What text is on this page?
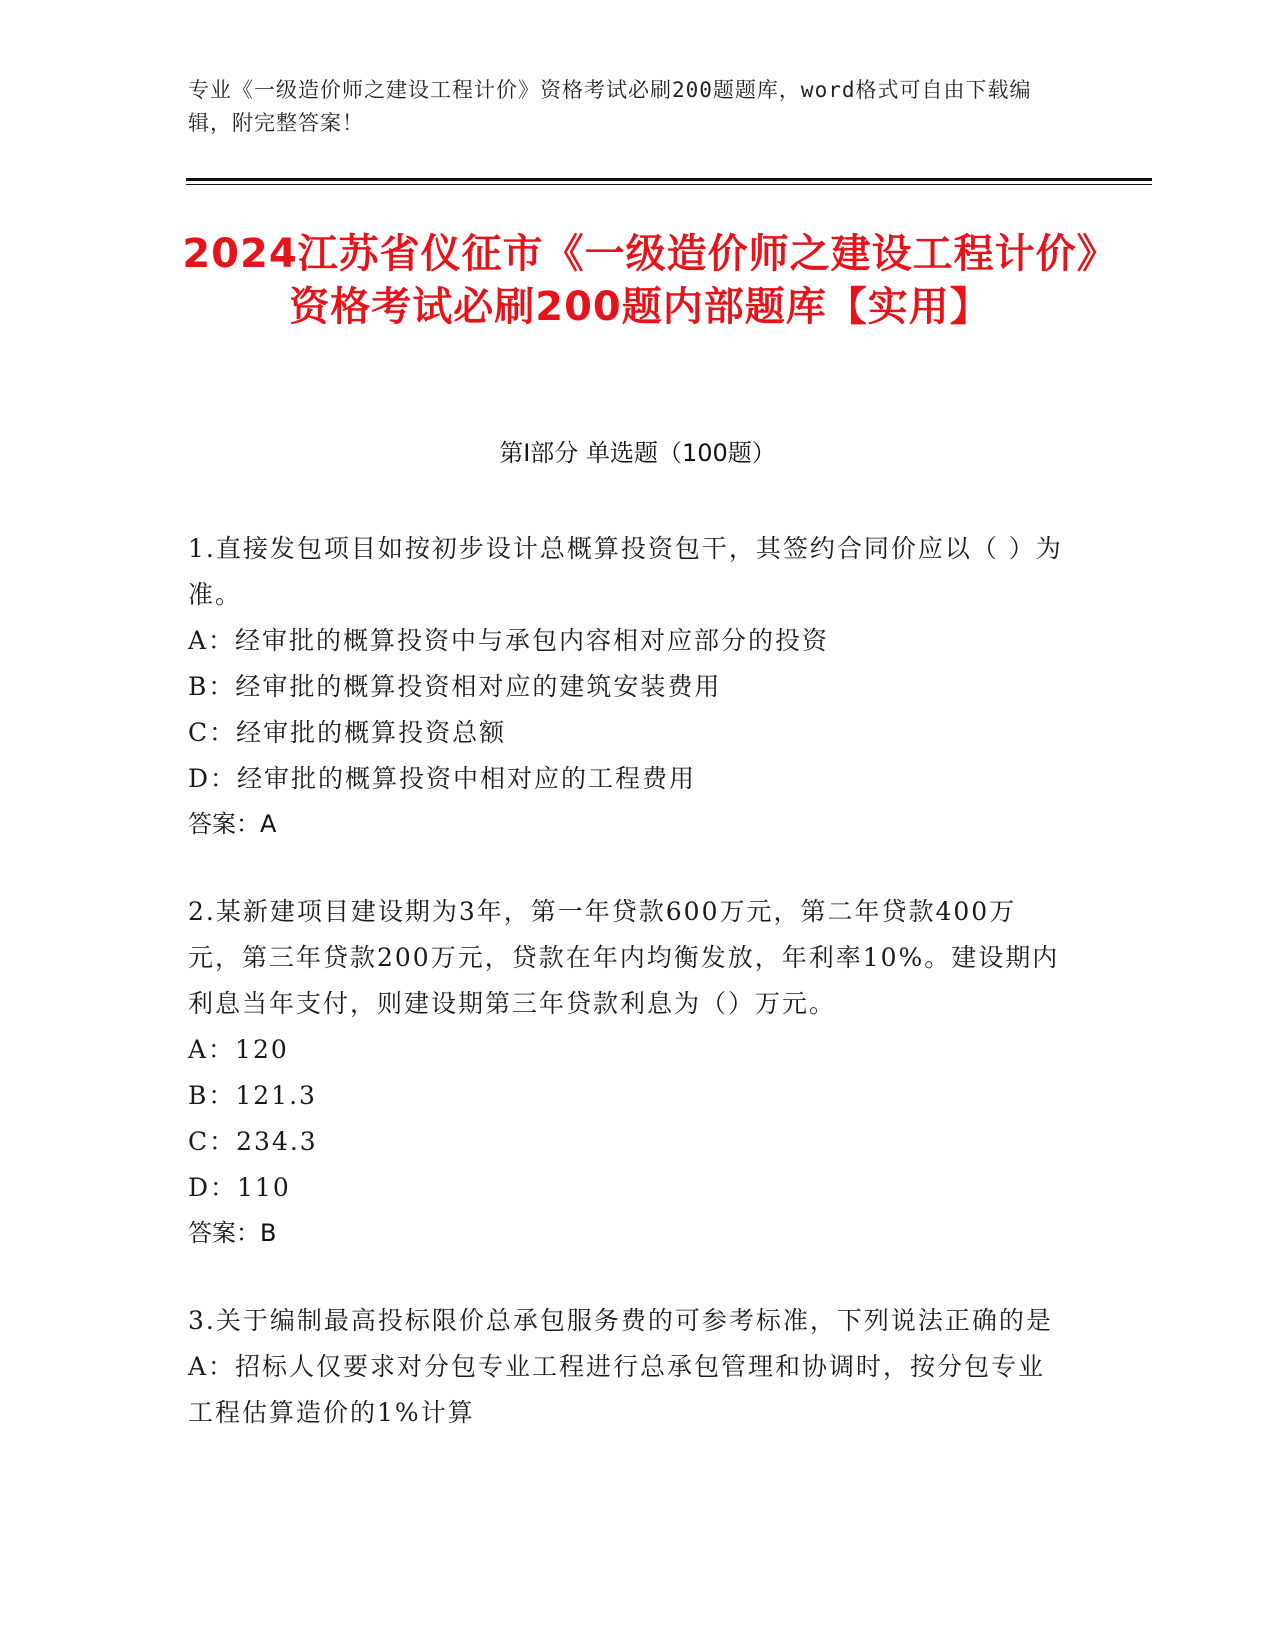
专业《一级造价师之建设工程计价》资格考试必刷200题题库，word格式可自由下载编辑，附完整答案！
2024江苏省仪征市《一级造价师之建设工程计价》资格考试必刷200题内部题库【实用】
第I部分 单选题（100题）

1.直接发包项目如按初步设计总概算投资包干，其签约合同价应以（ ）为准。

A：经审批的概算投资中与承包内容相对应部分的投资
B：经审批的概算投资相对应的建筑安装费用
C：经审批的概算投资总额
D：经审批的概算投资中相对应的工程费用

答案：A

2.某新建项目建设期为3年，第一年贷款600万元，第二年贷款400万元，第三年贷款200万元，贷款在年内均衡发放，年利率10%。建设期内利息当年支付，则建设期第三年贷款利息为（）万元。

A：120
B：121.3
C：234.3
D：110

答案：B

3.关于编制最高投标限价总承包服务费的可参考标准，下列说法正确的是

A：招标人仅要求对分包专业工程进行总承包管理和协调时，按分包专业工程估算造价的1%计算
